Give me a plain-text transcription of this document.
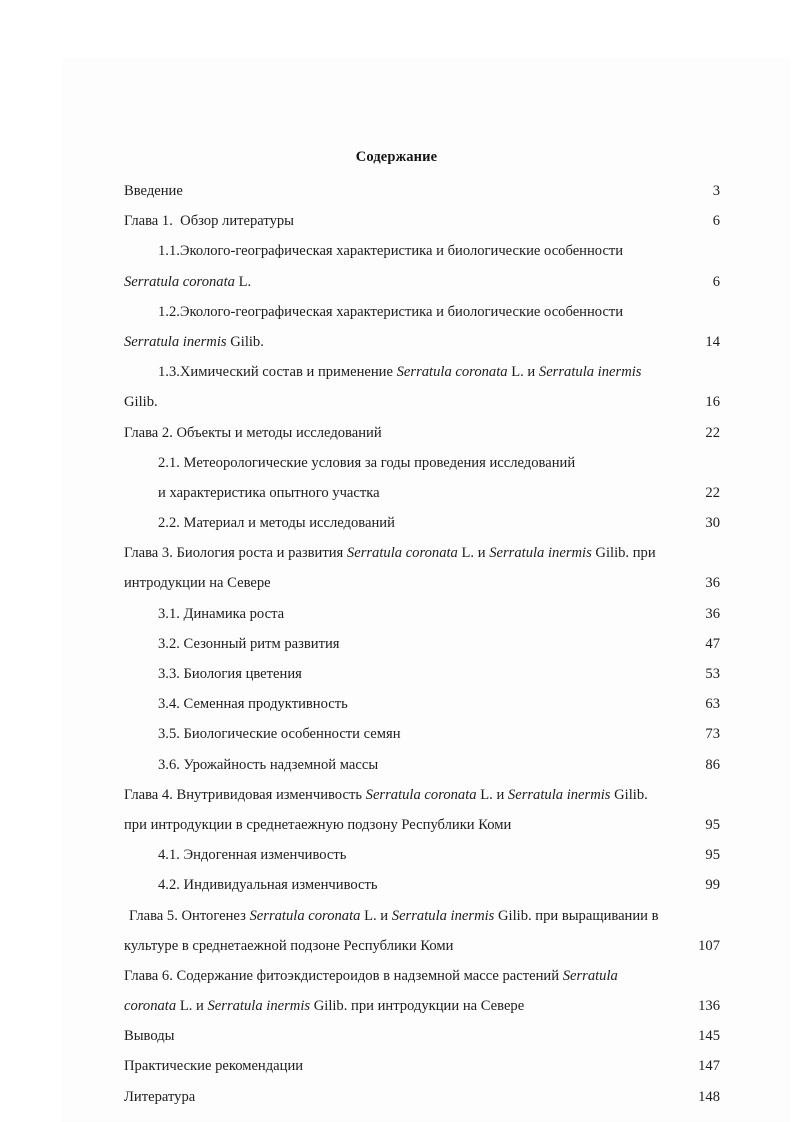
Содержание
Введение	3
Глава 1.  Обзор литературы	6
1.1.Эколого-географическая характеристика и биологические особенности
Serratula coronata L.	6
1.2.Эколого-географическая характеристика и биологические особенности
Serratula inermis Gilib.	14
1.3.Химический состав и применение Serratula coronata L. и Serratula inermis
Gilib.	16
Глава 2. Объекты и методы исследований	22
2.1. Метеорологические условия за годы проведения исследований
и характеристика опытного участка	22
2.2. Материал и методы исследований	30
Глава 3. Биология роста и развития Serratula coronata L. и Serratula inermis Gilib. при
интродукции на Севере	36
3.1. Динамика роста	36
3.2. Сезонный ритм развития	47
3.3. Биология цветения	53
3.4. Семенная продуктивность	63
3.5. Биологические особенности семян	73
3.6. Урожайность надземной массы	86
Глава 4. Внутривидовая изменчивость Serratula coronata L. и Serratula inermis Gilib.
при интродукции в среднетаежную подзону Республики Коми	95
4.1. Эндогенная изменчивость	95
4.2. Индивидуальная изменчивость	99
Глава 5. Онтогенез Serratula coronata L. и Serratula inermis Gilib. при выращивании в
культуре в среднетаежной подзоне Республики Коми	107
Глава 6. Содержание фитоэкдистероидов в надземной массе растений Serratula
coronata L. и Serratula inermis Gilib. при интродукции на Севере	136
Выводы	145
Практические рекомендации	147
Литература	148
